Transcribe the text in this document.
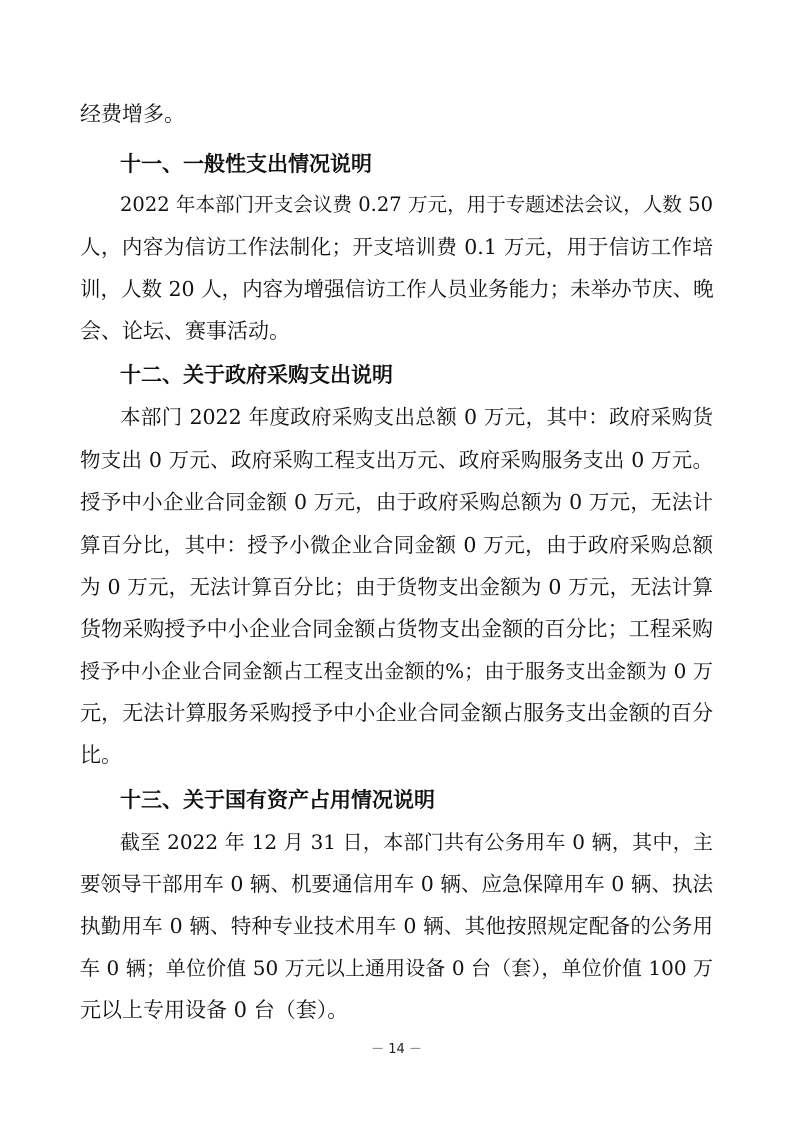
经费增多。
十一、一般性支出情况说明
2022 年本部门开支会议费 0.27 万元，用于专题述法会议，人数 50
人，内容为信访工作法制化；开支培训费 0.1 万元，用于信访工作培
训，人数 20 人，内容为增强信访工作人员业务能力；未举办节庆、晚
会、论坛、赛事活动。
十二、关于政府采购支出说明
本部门 2022 年度政府采购支出总额 0 万元，其中：政府采购货
物支出 0 万元、政府采购工程支出万元、政府采购服务支出 0 万元。
授予中小企业合同金额 0 万元，由于政府采购总额为 0 万元，无法计
算百分比，其中：授予小微企业合同金额 0 万元，由于政府采购总额
为 0 万元，无法计算百分比；由于货物支出金额为 0 万元，无法计算
货物采购授予中小企业合同金额占货物支出金额的百分比；工程采购
授予中小企业合同金额占工程支出金额的%；由于服务支出金额为 0 万
元，无法计算服务采购授予中小企业合同金额占服务支出金额的百分
比。
十三、关于国有资产占用情况说明
截至 2022 年 12 月 31 日，本部门共有公务用车 0 辆，其中，主
要领导干部用车 0 辆、机要通信用车 0 辆、应急保障用车 0 辆、执法
执勤用车 0 辆、特种专业技术用车 0 辆、其他按照规定配备的公务用
车 0 辆；单位价值 50 万元以上通用设备 0 台（套），单位价值 100 万
元以上专用设备 0 台（套）。
－ 14 －
